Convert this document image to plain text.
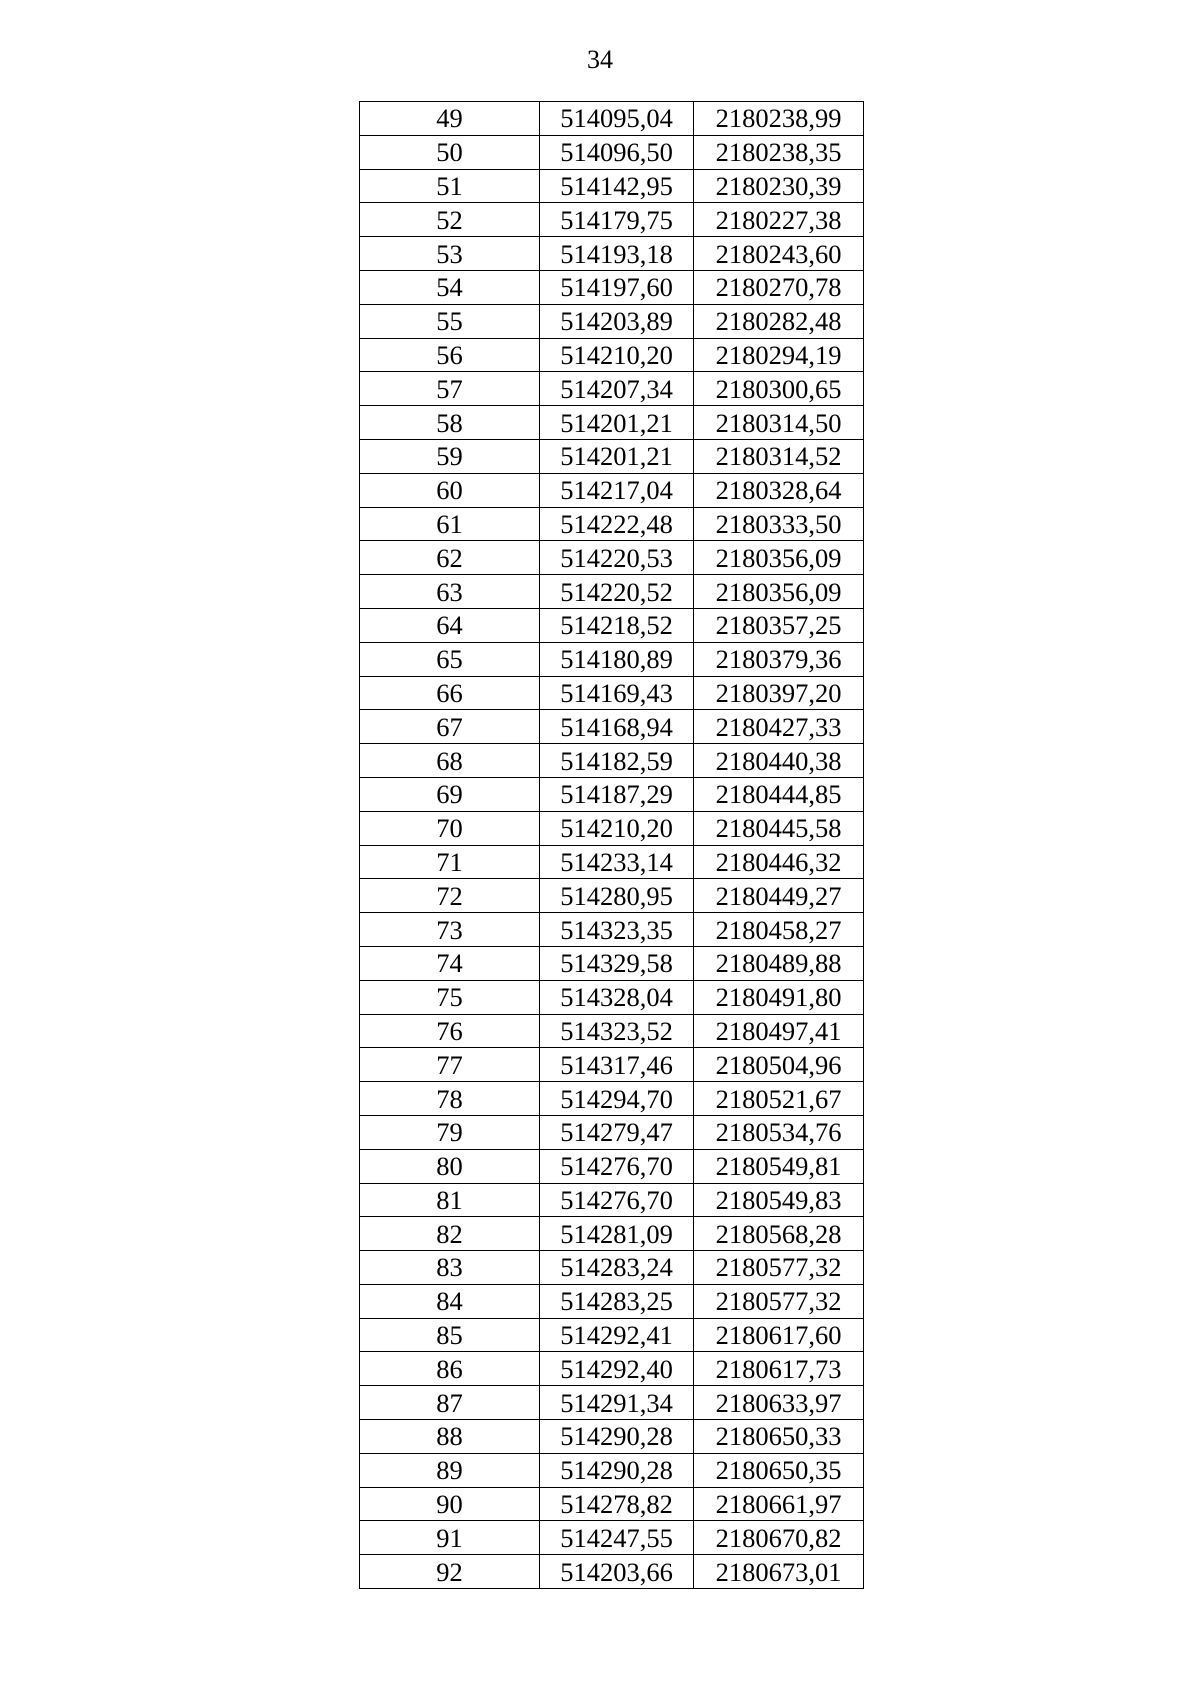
34
49	514095,04	2180238,99
50	514096,50	2180238,35
51	514142,95	2180230,39
52	514179,75	2180227,38
53	514193,18	2180243,60
54	514197,60	2180270,78
55	514203,89	2180282,48
56	514210,20	2180294,19
57	514207,34	2180300,65
58	514201,21	2180314,50
59	514201,21	2180314,52
60	514217,04	2180328,64
61	514222,48	2180333,50
62	514220,53	2180356,09
63	514220,52	2180356,09
64	514218,52	2180357,25
65	514180,89	2180379,36
66	514169,43	2180397,20
67	514168,94	2180427,33
68	514182,59	2180440,38
69	514187,29	2180444,85
70	514210,20	2180445,58
71	514233,14	2180446,32
72	514280,95	2180449,27
73	514323,35	2180458,27
74	514329,58	2180489,88
75	514328,04	2180491,80
76	514323,52	2180497,41
77	514317,46	2180504,96
78	514294,70	2180521,67
79	514279,47	2180534,76
80	514276,70	2180549,81
81	514276,70	2180549,83
82	514281,09	2180568,28
83	514283,24	2180577,32
84	514283,25	2180577,32
85	514292,41	2180617,60
86	514292,40	2180617,73
87	514291,34	2180633,97
88	514290,28	2180650,33
89	514290,28	2180650,35
90	514278,82	2180661,97
91	514247,55	2180670,82
92	514203,66	2180673,01
